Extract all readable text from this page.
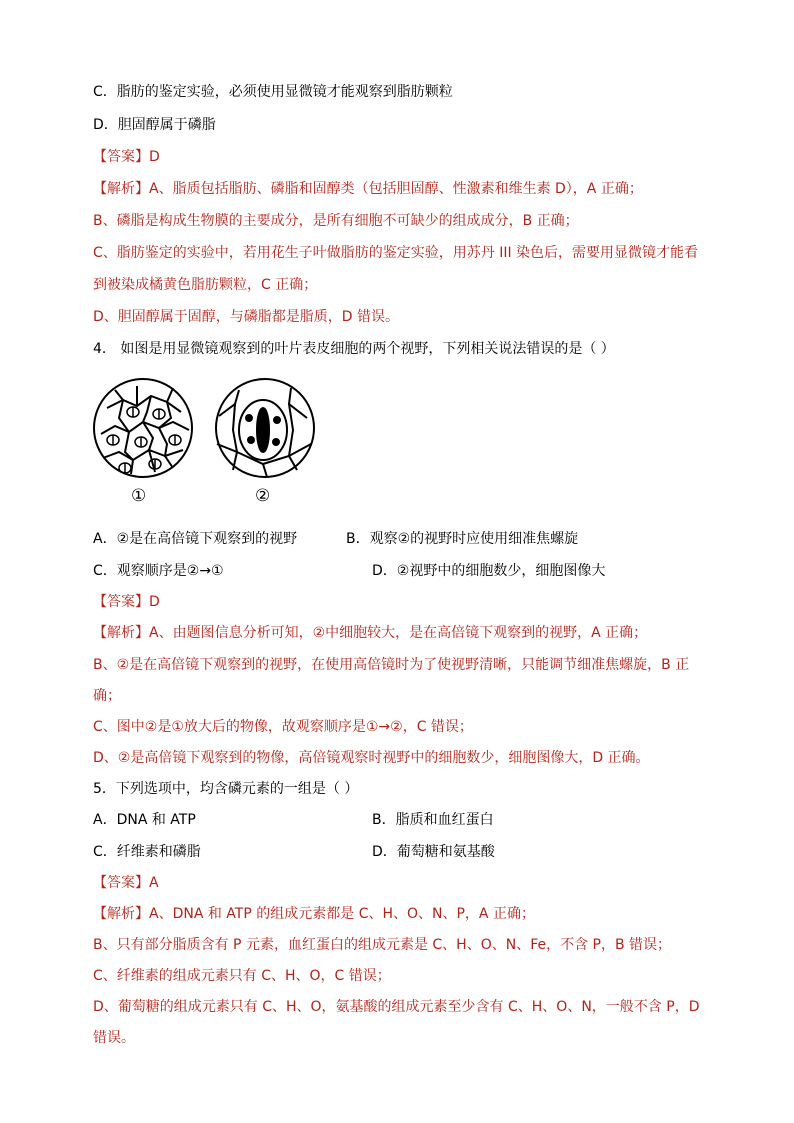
C．脂肪的鉴定实验，必须使用显微镜才能观察到脂肪颗粒
D．胆固醇属于磷脂
【答案】D
【解析】A、脂质包括脂肪、磷脂和固醇类（包括胆固醇、性激素和维生素 D），A 正确；
B、磷脂是构成生物膜的主要成分，是所有细胞不可缺少的组成成分，B 正确；
C、脂肪鉴定的实验中，若用花生子叶做脂肪的鉴定实验，用苏丹 III 染色后，需要用显微镜才能看
到被染成橘黄色脂肪颗粒，C 正确；
D、胆固醇属于固醇，与磷脂都是脂质，D 错误。
4． 如图是用显微镜观察到的叶片表皮细胞的两个视野，下列相关说法错误的是（ ）
①	②
A．②是在高倍镜下观察到的视野	B．观察②的视野时应使用细准焦螺旋
C．观察顺序是②→①	D．②视野中的细胞数少，细胞图像大
【答案】D
【解析】A、由题图信息分析可知，②中细胞较大，是在高倍镜下观察到的视野，A 正确；
B、②是在高倍镜下观察到的视野，在使用高倍镜时为了使视野清晰，只能调节细准焦螺旋，B 正
确；
C、图中②是①放大后的物像，故观察顺序是①→②，C 错误；
D、②是高倍镜下观察到的物像，高倍镜观察时视野中的细胞数少，细胞图像大，D 正确。
5．下列选项中，均含磷元素的一组是（ ）
A．DNA 和 ATP	B．脂质和血红蛋白
C．纤维素和磷脂	D．葡萄糖和氨基酸
【答案】A
【解析】A、DNA 和 ATP 的组成元素都是 C、H、O、N、P，A 正确；
B、只有部分脂质含有 P 元素，血红蛋白的组成元素是 C、H、O、N、Fe，不含 P，B 错误；
C、纤维素的组成元素只有 C、H、O，C 错误；
D、葡萄糖的组成元素只有 C、H、O，氨基酸的组成元素至少含有 C、H、O、N，一般不含 P，D
错误。
